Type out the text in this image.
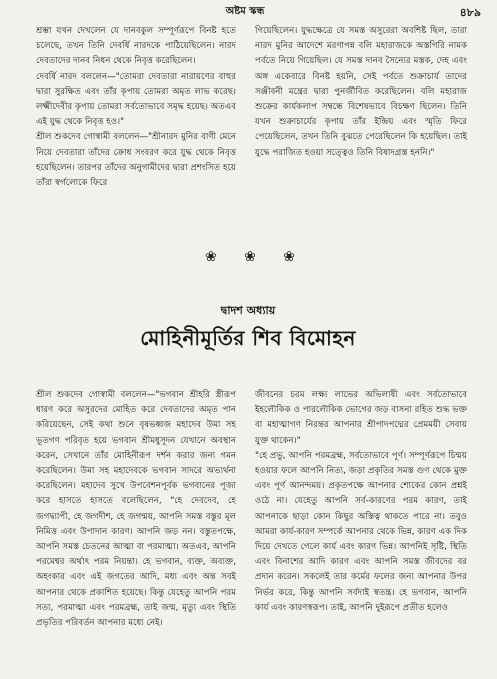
অষ্টম স্কন্ধ	৪৮৯

শ্রম্ভা যখন দেখলেন যে দানবকুল সম্পূর্ণরূপে বিনষ্ট হতে চলেছে, তখন তিনি দেবর্ষি নারদকে পাঠিয়েছিলেন। নারদ দেবতাদের দানব নিধন থেকে নিবৃত্ত করেছিলেন।
দেবর্ষি নারদ বললেন—"তোমরা দেবতারা নারায়ণের বাহুর দ্বারা সুরক্ষিত এবং তাঁর কৃপায় তোমরা অমৃত লাভ করেছ। লক্ষ্মীদেবীর কৃপায় তোমরা সর্বতোভাবে সমৃদ্ধ হয়েছ। অতএব এই যুদ্ধ থেকে নিবৃত্ত হও।"
শ্রীল শুকদেব গোস্বামী বললেন—"শ্রীনারদ মুনির বাণী মেনে নিয়ে দেবতারা তাঁদের ক্রোধ সংবরণ করে যুদ্ধ থেকে নিবৃত্ত হয়েছিলেন। তারপর তাঁদের অনুগামীদের দ্বারা প্রশংসিত হয়ে তাঁরা স্বর্গলোকে ফিরে

গিয়েছিলেন। যুদ্ধক্ষেত্রে যে সমস্ত অসুরেরা অবশিষ্ট ছিল, তারা নারদ মুনির আদেশে মরণাপন্ন বলি মহারাজকে অস্তগিরি নামক পর্বতে নিয়ে গিয়েছিল। যে সমস্ত দানব সৈন্যের মস্তক, দেহ এবং অঙ্গ একেবারে বিনষ্ট হয়নি, সেই পর্বতে শুক্রাচার্য তাদের সঞ্জীবনী মন্ত্রের দ্বারা পুনর্জীবিত করেছিলেন। বলি মহারাজ শুক্রের কার্যকলাপ সম্বন্ধে বিশেষভাবে বিচক্ষণ ছিলেন। তিনি যখন শুক্রাচার্যের কৃপায় তাঁর ইন্দ্রিয় এবং স্মৃতি ফিরে পেয়েছিলেন, তখন তিনি বুঝতে পেরেছিলেন কি হয়েছিল। তাই যুদ্ধে পরাজিত হওয়া সত্ত্বেও তিনি বিষাদগ্রস্ত হননি।"

❀ ❀ ❀
দ্বাদশ অধ্যায়
মোহিনীমূর্তির শিব বিমোহন

শ্রীল শুকদেব গোস্বামী বললেন—"ভগবান শ্রীহরি স্ত্রীরূপ ধারণ করে অসুরদের মোহিত করে দেবতাদের অমৃত পান করিয়েছেন, সেই কথা শুনে বৃষভধ্বজ মহাদেব উমা সহ ভূতগণ পরিবৃত হয়ে ভগবান শ্রীমধুসূদন যেখানে অবস্থান করেন, সেখানে তাঁর মোহিনীরূপ দর্শন করার জন্য গমন করেছিলেন। উমা সহ মহাদেবকে ভগবান সাদরে অভ্যর্থনা করেছিলেন। মহাদেব সুখে উপবেশনপূর্বক ভগবানের পূজা করে হাসতে হাসতে বলেছিলেন, "হে দেবদেব, হে জগদ্ব্যাপী, হে জগদীশ, হে জগন্ময়, আপনি সমস্ত বস্তুর মূল নিমিত্ত এবং উপাদান কারণ। আপনি জড় নন। বস্তুতপক্ষে, আপনি সমস্ত চেতনের আত্মা বা পরমাত্মা। অতএব, আপনি পরমেশ্বর অর্থাৎ পরম নিয়ন্তা। হে ভগবান, ব্যক্ত, অব্যক্ত, অহংকার এবং এই জগতের আদি, মধ্য এবং অন্ত সবই আপনার থেকে প্রকাশিত হয়েছে। কিন্তু যেহেতু আপনি পরম সত্য, পরমাত্মা এবং পরমব্রহ্ম, তাই জন্ম, মৃত্যু এবং স্থিতি প্রভৃতির পরিবর্তন আপনার মধ্যে নেই।

জীবনের চরম লক্ষ্য লাভের অভিলাষী এবং সর্বতোভাবে ইহলৌকিক ও পারলৌকিক ভোগের জড় বাসনা রহিত শুদ্ধ ভক্ত বা মহাত্মাগণ নিরন্তর আপনার শ্রীপাদপদ্মের প্রেমময়ী সেবায় যুক্ত থাকেন।"
"হে প্রভু, আপনি পরমব্রহ্ম, সর্বতোভাবে পূর্ণ। সম্পূর্ণরূপে চিন্ময় হওয়ার ফলে আপনি নিত্য, জড়া প্রকৃতির সমস্ত গুণ থেকে মুক্ত এবং পূর্ণ আনন্দময়। প্রকৃতপক্ষে আপনার শোকের কোন প্রশ্নই ওঠে না। যেহেতু আপনি সর্ব-কারণের পরম কারণ, তাই আপনাকে ছাড়া কোন কিছুর অস্তিত্ব থাকতে পারে না। তবুও আমরা কার্য-কারণ সম্পর্কে আপনার থেকে ভিন্ন, কারণ এক দিক দিয়ে দেখতে গেলে কার্য এবং কারণ ভিন্ন। আপনিই সৃষ্টি, স্থিতি এবং বিনাশের আদি কারণ এবং আপনি সমস্ত জীবদের বর প্রদান করেন। সকলেই তার কর্মের ফলের জন্য আপনার উপর নির্ভর করে, কিন্তু আপনি সর্বদাই স্বতন্ত্র। হে ভগবান, আপনি কার্য এবং কারণস্বরূপ। তাই, আপনি দুইরূপে প্রতীত হলেও
